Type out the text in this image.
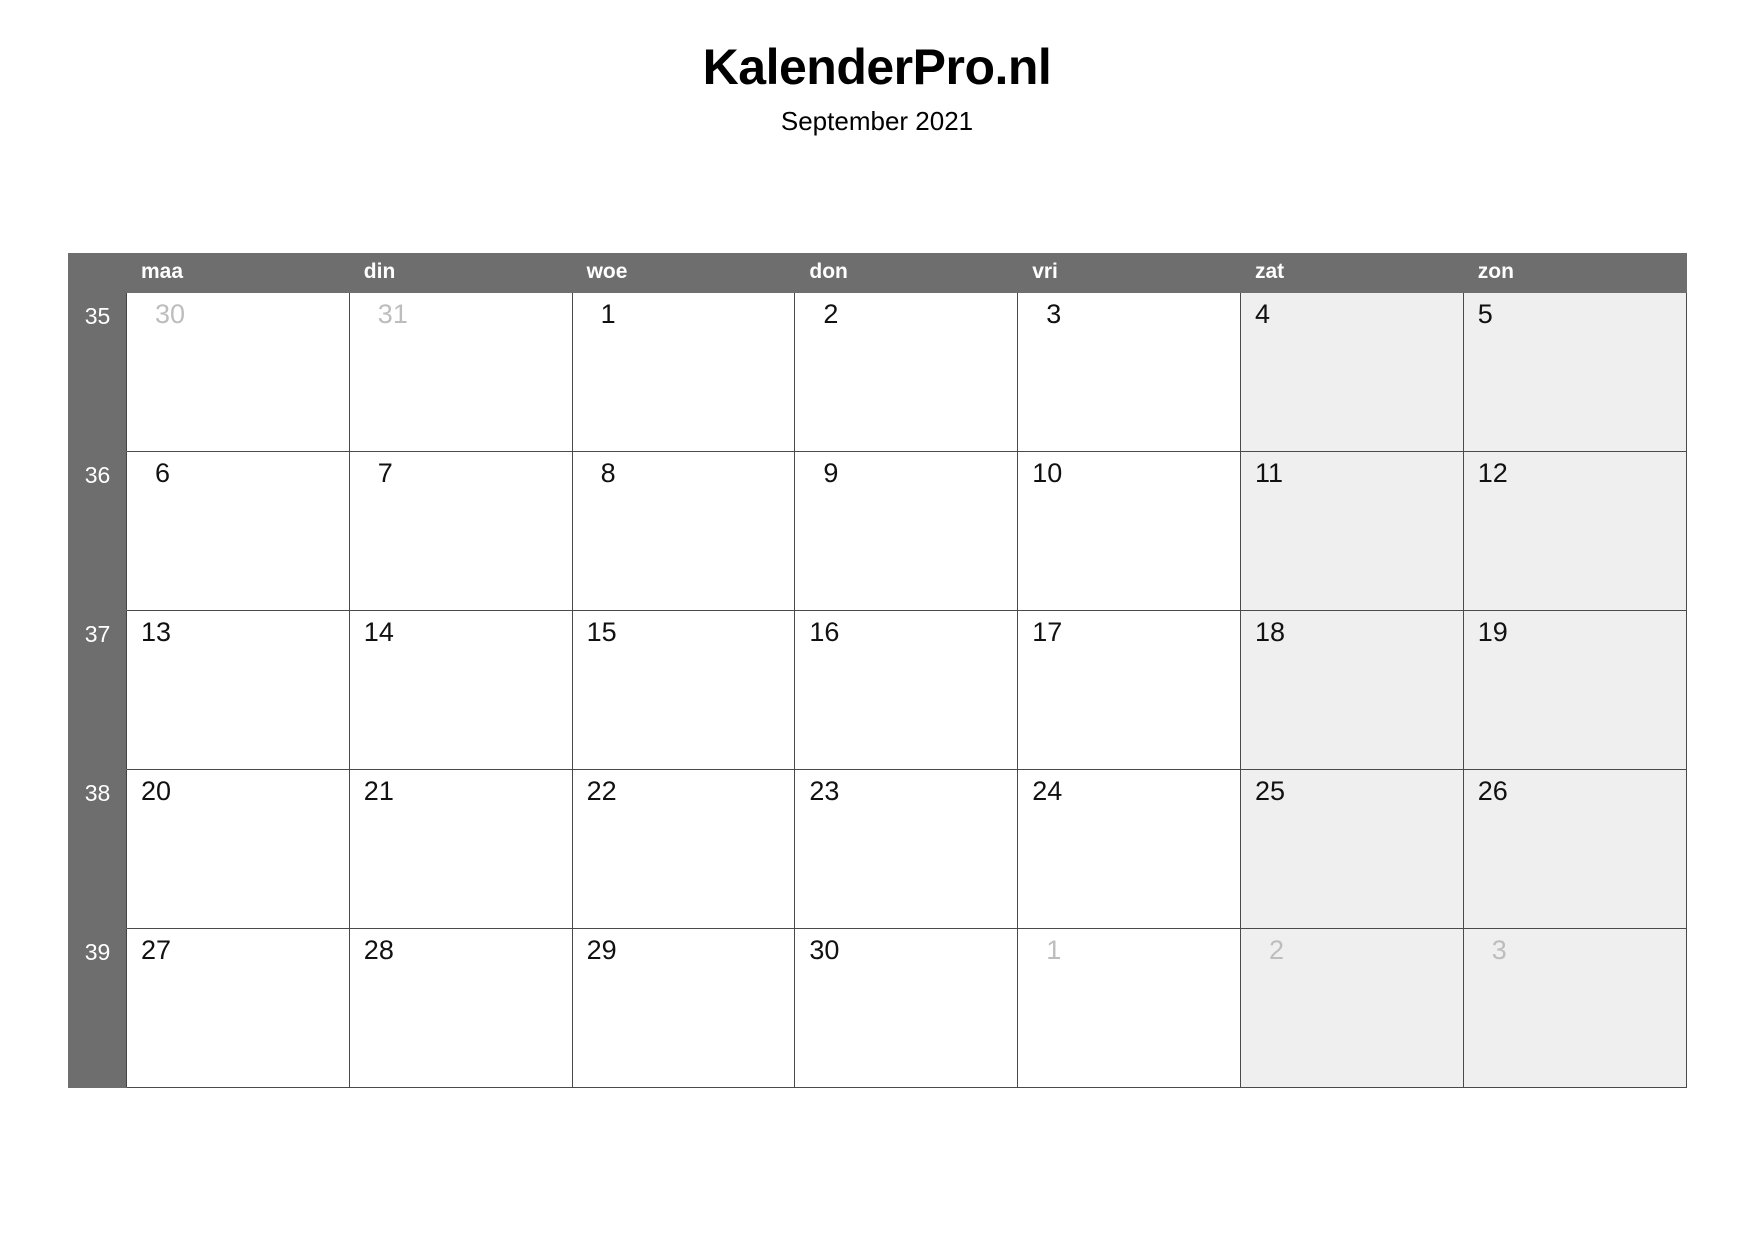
KalenderPro.nl
September 2021
	maa	din	woe	don	vri	zat	zon
35	30	31	1	2	3	4	5

36	6	7	8	9	10	11	12

37	13	14	15	16	17	18	19

38	20	21	22	23	24	25	26

39	27	28	29	30	1	2	3
